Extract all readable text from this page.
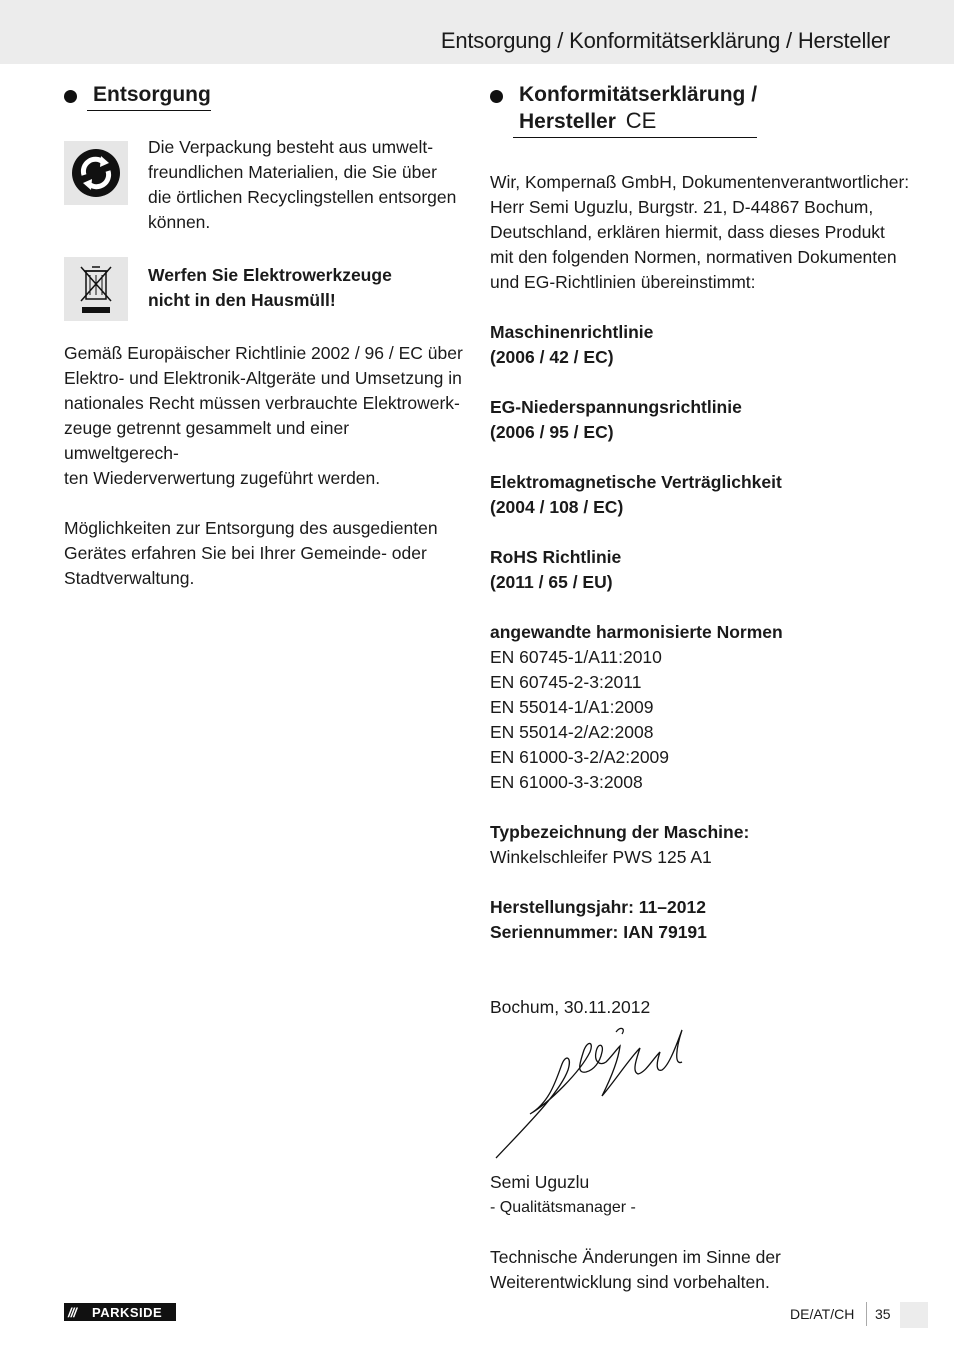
Entsorgung / Konformitätserklärung / Hersteller
Entsorgung

Die Verpackung besteht aus umwelt-

freundlichen Materialien, die Sie über

die örtlichen Recyclingstellen entsorgen

können.

Werfen Sie Elektrowerkzeuge

nicht in den Hausmüll!

Gemäß Europäischer Richtlinie 2002 / 96 / EC über

Elektro- und Elektronik-Altgeräte und Umsetzung in

nationales Recht müssen verbrauchte Elektrowerk-

zeuge getrennt gesammelt und einer umweltgerech-

ten Wiederverwertung zugeführt werden.

Möglichkeiten zur Entsorgung des ausgedienten

Gerätes erfahren Sie bei Ihrer Gemeinde- oder

Stadtverwaltung.

Konformitätserklärung /
Hersteller CE

Wir, Kompernaß GmbH, Dokumentenverantwortlicher:

Herr Semi Uguzlu, Burgstr. 21, D-44867 Bochum,

Deutschland, erklären hiermit, dass dieses Produkt

mit den folgenden Normen, normativen Dokumenten

und EG-Richtlinien übereinstimmt:

Maschinenrichtlinie

(2006 / 42 / EC)

EG-Niederspannungsrichtlinie

(2006 / 95 / EC)

Elektromagnetische Verträglichkeit

(2004 / 108 / EC)

RoHS Richtlinie

(2011 / 65 / EU)

angewandte harmonisierte Normen

EN 60745-1/A11:2010

EN 60745-2-3:2011

EN 55014-1/A1:2009

EN 55014-2/A2:2008

EN 61000-3-2/A2:2009

EN 61000-3-3:2008

Typbezeichnung der Maschine:

Winkelschleifer PWS 125 A1

Herstellungsjahr: 11–2012

Seriennummer: IAN 79191

Bochum, 30.11.2012

Semi Uguzlu

- Qualitätsmanager -

Technische Änderungen im Sinne der

Weiterentwicklung sind vorbehalten.

///	PARKSIDE	DE/AT/CH 35
